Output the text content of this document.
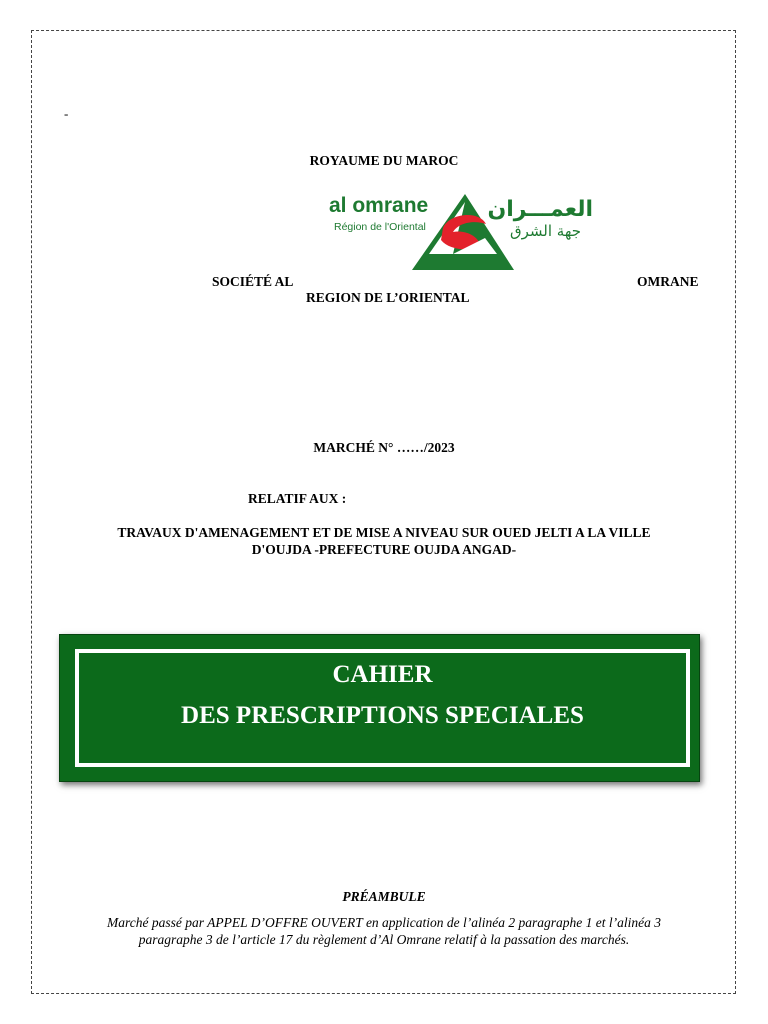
-
ROYAUME DU MAROC
al omrane
Région de l'Oriental
العمـــران
جهة الشرق
SOCIÉTÉ AL	OMRANE
REGION DE L’ORIENTAL
MARCHÉ N° ……/2023
RELATIF AUX :
TRAVAUX D'AMENAGEMENT ET DE MISE A NIVEAU SUR OUED JELTI A LA VILLE
D'OUJDA -PREFECTURE OUJDA ANGAD-
CAHIER
DES PRESCRIPTIONS SPECIALES
PRÉAMBULE
Marché passé par APPEL D’OFFRE OUVERT en application de l’alinéa 2 paragraphe 1 et l’alinéa 3
paragraphe 3 de l’article 17 du règlement d’Al Omrane relatif à la passation des marchés.
